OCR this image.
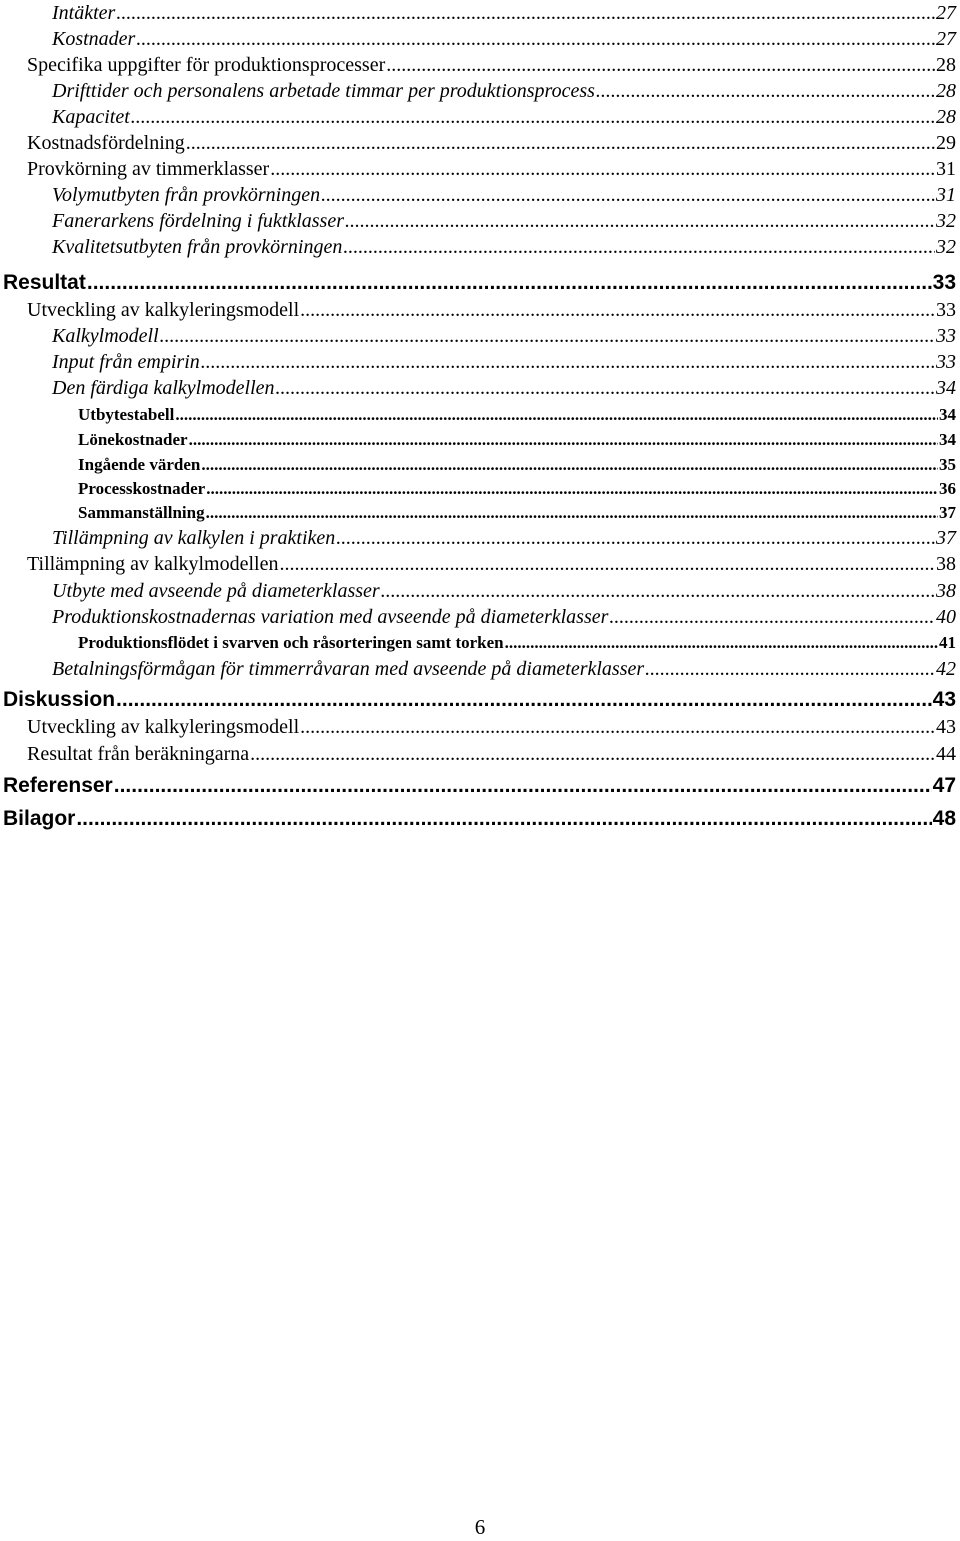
Intäkter .....	27
Kostnader .....	27
Specifika uppgifter för produktionsprocesser .....	28
Drifttider och personalens arbetade timmar per produktionsprocess .....	28
Kapacitet .....	28
Kostnadsfördelning .....	29
Provkörning av timmerklasser .....	31
Volymutbyten från provkörningen .....	31
Fanerarkens fördelning i fuktklasser .....	32
Kvalitetsutbyten från provkörningen .....	32
Resultat .....	33
Utveckling av kalkyleringsmodell .....	33
Kalkylmodell .....	33
Input från empirin .....	33
Den färdiga kalkylmodellen .....	34
Utbytestabell .....	34
Lönekostnader .....	34
Ingående värden .....	35
Processkostnader .....	36
Sammanställning .....	37
Tillämpning av kalkylen i praktiken .....	37
Tillämpning av kalkylmodellen .....	38
Utbyte med avseende på diameterklasser .....	38
Produktionskostnadernas variation med avseende på diameterklasser .....	40
Produktionsflödet i svarven och råsorteringen samt torken .....	41
Betalningsförmågan för timmerråvaran med avseende på diameterklasser .....	42
Diskussion .....	43
Utveckling av kalkyleringsmodell .....	43
Resultat från beräkningarna .....	44
Referenser .....	47
Bilagor .....	48
6
